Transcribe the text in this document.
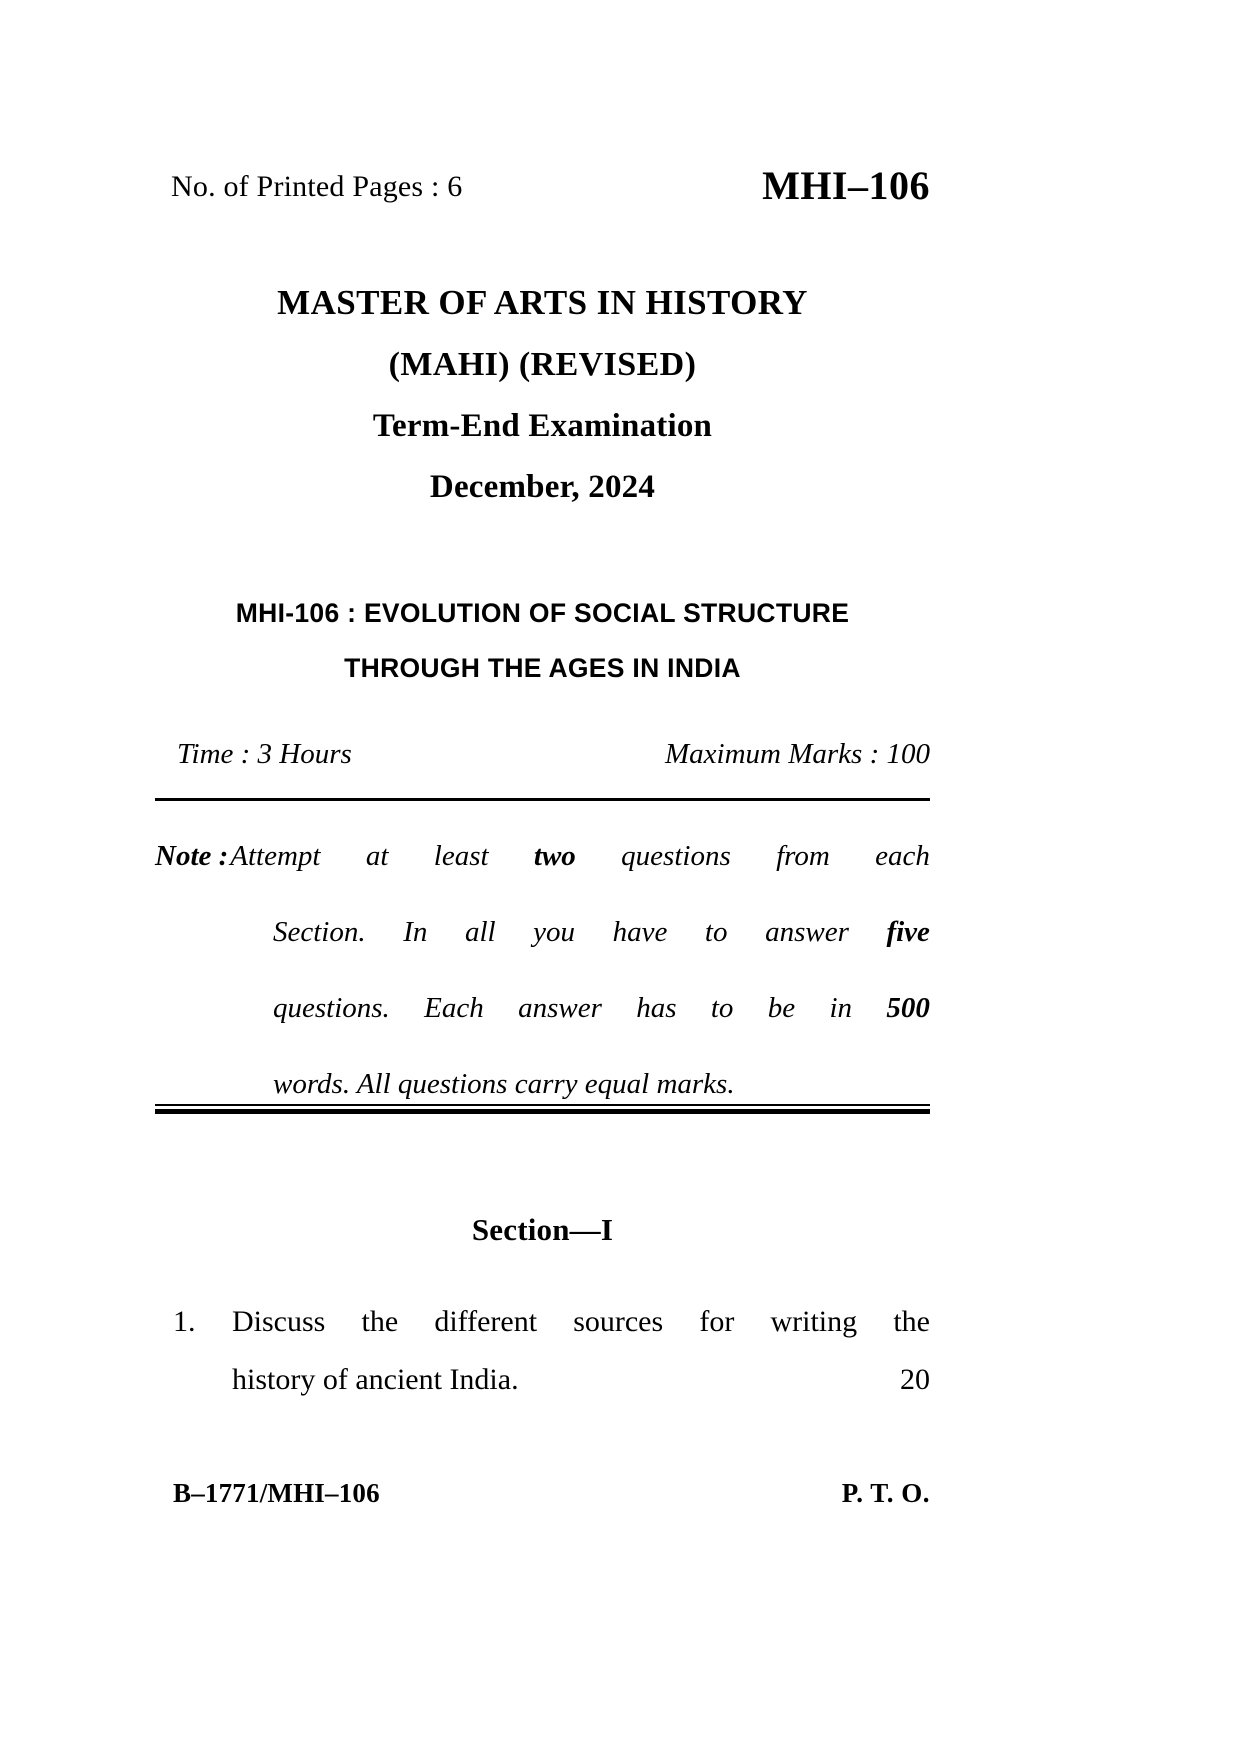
No. of Printed Pages : 6	MHI–106
MASTER OF ARTS IN HISTORY
(MAHI) (REVISED)
Term-End Examination
December, 2024
MHI-106 : EVOLUTION OF SOCIAL STRUCTURE
THROUGH THE AGES IN INDIA
Time : 3 Hours	Maximum Marks : 100
Note : Attempt at least two questions from each
Section. In all you have to answer five
questions. Each answer has to be in 500
words. All questions carry equal marks.
Section—I
1. Discuss the different sources for writing the
history of ancient India.	20
B–1771/MHI–106	P. T. O.
